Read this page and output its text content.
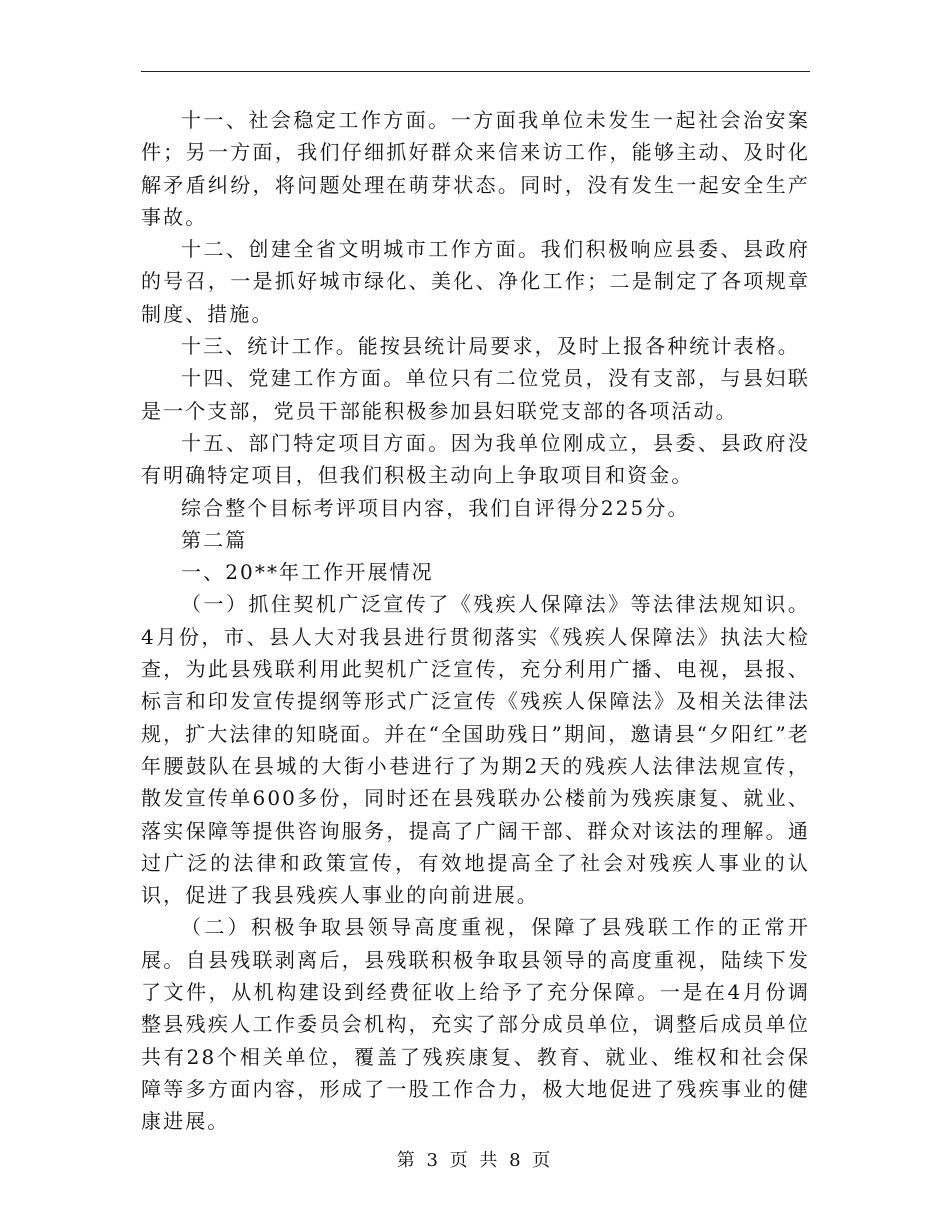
十一、社会稳定工作方面。一方面我单位未发生一起社会治安案件；另一方面，我们仔细抓好群众来信来访工作，能够主动、及时化解矛盾纠纷，将问题处理在萌芽状态。同时，没有发生一起安全生产事故。

十二、创建全省文明城市工作方面。我们积极响应县委、县政府的号召，一是抓好城市绿化、美化、净化工作；二是制定了各项规章制度、措施。

十三、统计工作。能按县统计局要求，及时上报各种统计表格。

十四、党建工作方面。单位只有二位党员，没有支部，与县妇联是一个支部，党员干部能积极参加县妇联党支部的各项活动。

十五、部门特定项目方面。因为我单位刚成立，县委、县政府没有明确特定项目，但我们积极主动向上争取项目和资金。

综合整个目标考评项目内容，我们自评得分225分。

第二篇

一、20**年工作开展情况

（一）抓住契机广泛宣传了《残疾人保障法》等法律法规知识。4月份，市、县人大对我县进行贯彻落实《残疾人保障法》执法大检查，为此县残联利用此契机广泛宣传，充分利用广播、电视，县报、标言和印发宣传提纲等形式广泛宣传《残疾人保障法》及相关法律法规，扩大法律的知晓面。并在“全国助残日”期间，邀请县“夕阳红”老年腰鼓队在县城的大街小巷进行了为期2天的残疾人法律法规宣传，散发宣传单600多份，同时还在县残联办公楼前为残疾康复、就业、落实保障等提供咨询服务，提高了广阔干部、群众对该法的理解。通过广泛的法律和政策宣传，有效地提高全了社会对残疾人事业的认识，促进了我县残疾人事业的向前进展。

（二）积极争取县领导高度重视，保障了县残联工作的正常开展。自县残联剥离后，县残联积极争取县领导的高度重视，陆续下发了文件，从机构建设到经费征收上给予了充分保障。一是在4月份调整县残疾人工作委员会机构，充实了部分成员单位，调整后成员单位共有28个相关单位，覆盖了残疾康复、教育、就业、维权和社会保障等多方面内容，形成了一股工作合力，极大地促进了残疾事业的健康进展。

第 3 页 共 8 页
